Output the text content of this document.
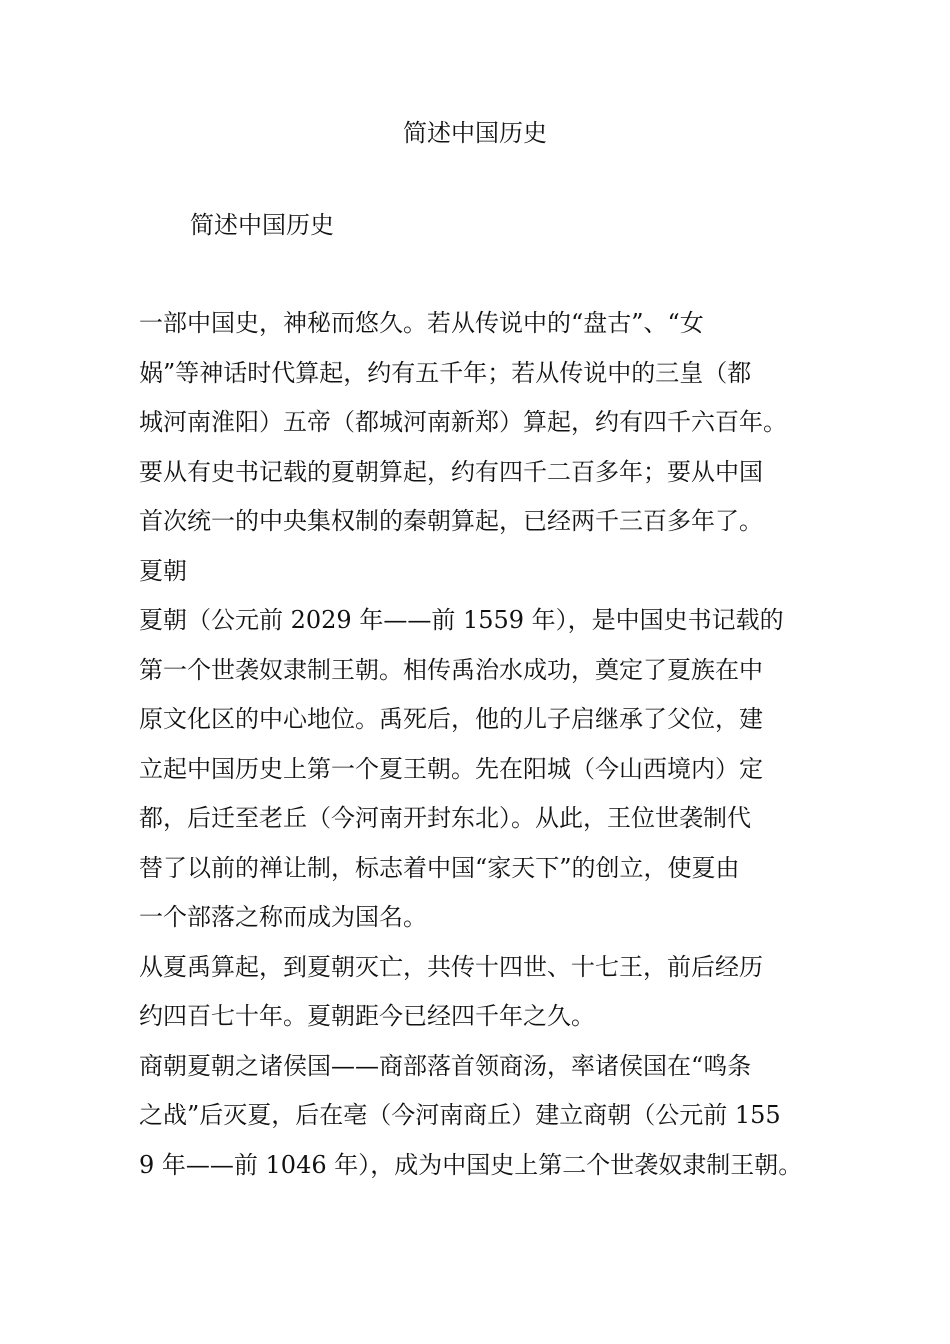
简述中国历史
简述中国历史
一部中国史，神秘而悠久。若从传说中的“盘古”、“女
娲”等神话时代算起，约有五千年；若从传说中的三皇（都
城河南淮阳）五帝（都城河南新郑）算起，约有四千六百年。
要从有史书记载的夏朝算起，约有四千二百多年；要从中国
首次统一的中央集权制的秦朝算起，已经两千三百多年了。
夏朝
夏朝（公元前 2029 年——前 1559 年），是中国史书记载的
第一个世袭奴隶制王朝。相传禹治水成功，奠定了夏族在中
原文化区的中心地位。禹死后，他的儿子启继承了父位，建
立起中国历史上第一个夏王朝。先在阳城（今山西境内）定
都，后迁至老丘（今河南开封东北）。从此，王位世袭制代
替了以前的禅让制，标志着中国“家天下”的创立，使夏由
一个部落之称而成为国名。
从夏禹算起，到夏朝灭亡，共传十四世、十七王，前后经历
约四百七十年。夏朝距今已经四千年之久。
商朝夏朝之诸侯国——商部落首领商汤，率诸侯国在“鸣条
之战”后灭夏，后在亳（今河南商丘）建立商朝（公元前 155
9 年——前 1046 年），成为中国史上第二个世袭奴隶制王朝。
